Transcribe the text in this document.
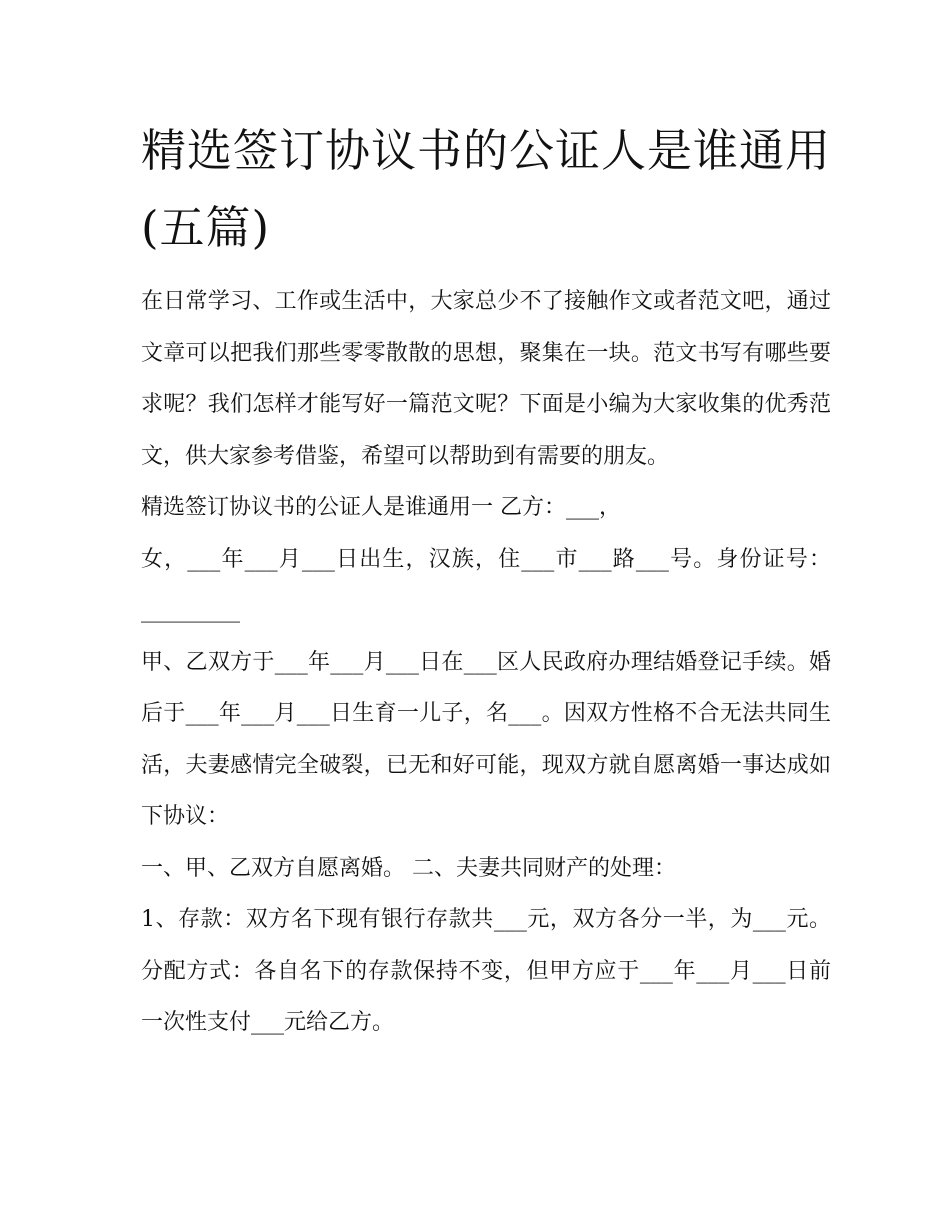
精选签订协议书的公证人是谁通用(五篇)

在日常学习、工作或生活中，大家总少不了接触作文或者范文吧，通过文章可以把我们那些零零散散的思想，聚集在一块。范文书写有哪些要求呢？我们怎样才能写好一篇范文呢？下面是小编为大家收集的优秀范文，供大家参考借鉴，希望可以帮助到有需要的朋友。

精选签订协议书的公证人是谁通用一 乙方：___，

女，___年___月___日出生，汉族，住___市___路___号。身份证号：_________

甲、乙双方于___年___月___日在___区人民政府办理结婚登记手续。婚后于___年___月___日生育一儿子，名___。因双方性格不合无法共同生活，夫妻感情完全破裂，已无和好可能，现双方就自愿离婚一事达成如下协议：

一、甲、乙双方自愿离婚。 二、夫妻共同财产的处理：

1、存款：双方名下现有银行存款共___元，双方各分一半，为___元。分配方式：各自名下的存款保持不变，但甲方应于___年___月___日前一次性支付___元给乙方。
